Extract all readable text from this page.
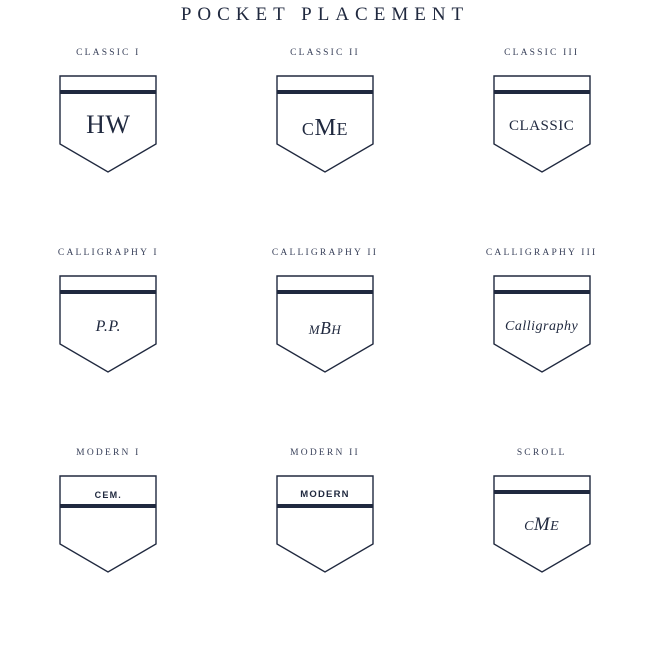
POCKET PLACEMENT
CLASSIC I
HW
CLASSIC II
CME
CLASSIC III
CLASSIC
CALLIGRAPHY I
P.P.
CALLIGRAPHY II
MBH
CALLIGRAPHY III
Calligraphy
MODERN I
CEM.
MODERN II
MODERN
SCROLL
CME
